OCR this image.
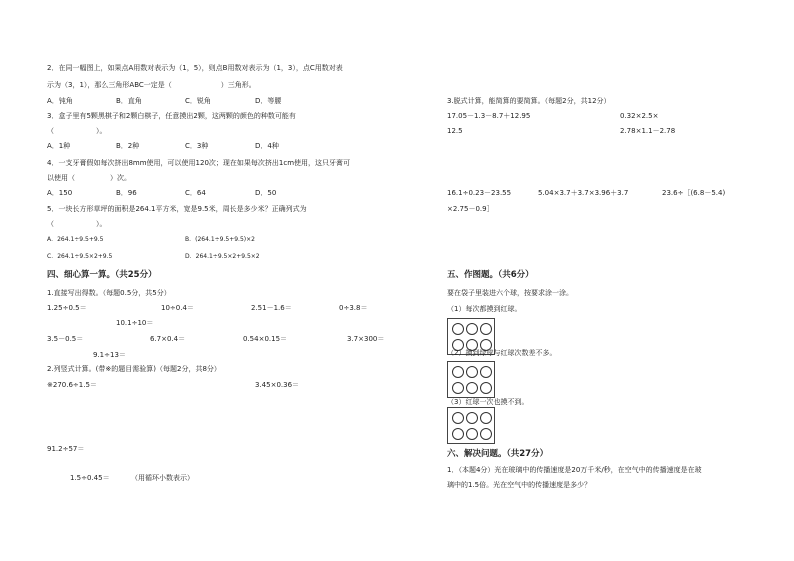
2．在同一幅图上，如果点A用数对表示为（1，5），则点B用数对表示为（1，3），点C用数对表
示为（3，1），那么三角形ABC一定是（　　　　　　　）三角形。
A．钝角	B．直角	C．锐角	D．等腰
3．盒子里有5颗黑棋子和2颗白棋子，任意摸出2颗，这两颗的颜色的种数可能有
（　　　　　　）。
A．1种	B．2种	C．3种	D．4种
4．一支牙膏假如每次挤出8mm使用，可以使用120次；现在如果每次挤出1cm使用，这只牙膏可
以使用（　　　　　）次。
A．150	B．96	C．64	D．50
5．一块长方形草坪的面积是264.1平方米，宽是9.5米，周长是多少米？正确列式为
（　　　　　　）。
A．264.1÷9.5+9.5	B．(264.1÷9.5+9.5)×2
C．264.1÷9.5×2+9.5	D．264.1÷9.5×2+9.5×2
四、细心算一算。（共25分）
1.直接写出得数。（每题0.5分，共5分）
1.25÷0.5＝	10÷0.4＝	2.51－1.6＝	0÷3.8＝
10.1÷10＝
3.5－0.5＝	6.7×0.4＝	0.54×0.15＝	3.7×300＝
9.1÷13＝
2.列竖式计算。(带※的题目需验算)（每题2分，共8分）
※270.6÷1.5＝	3.45×0.36＝
91.2÷57＝
1.5÷0.45＝	（用循环小数表示）
3.脱式计算，能简算的要简算。（每题2分，共12分）
17.05－1.3－8.7＋12.95	0.32×2.5×
12.5	2.78×1.1－2.78
16.1÷0.23－23.55	5.04×3.7＋3.7×3.96＋3.7	23.6÷［(6.8－5.4)
×2.75－0.9］
五、作图题。（共6分）
要在袋子里装进六个球，按要求涂一涂。
（1）每次都摸到红球。
（2）摸到绿球与红球次数差不多。
（3）红球一次也摸不到。
六、解决问题。（共27分）
1．（本题4分）光在玻璃中的传播速度是20万千米/秒，在空气中的传播速度是在玻
璃中的1.5倍。光在空气中的传播速度是多少？
